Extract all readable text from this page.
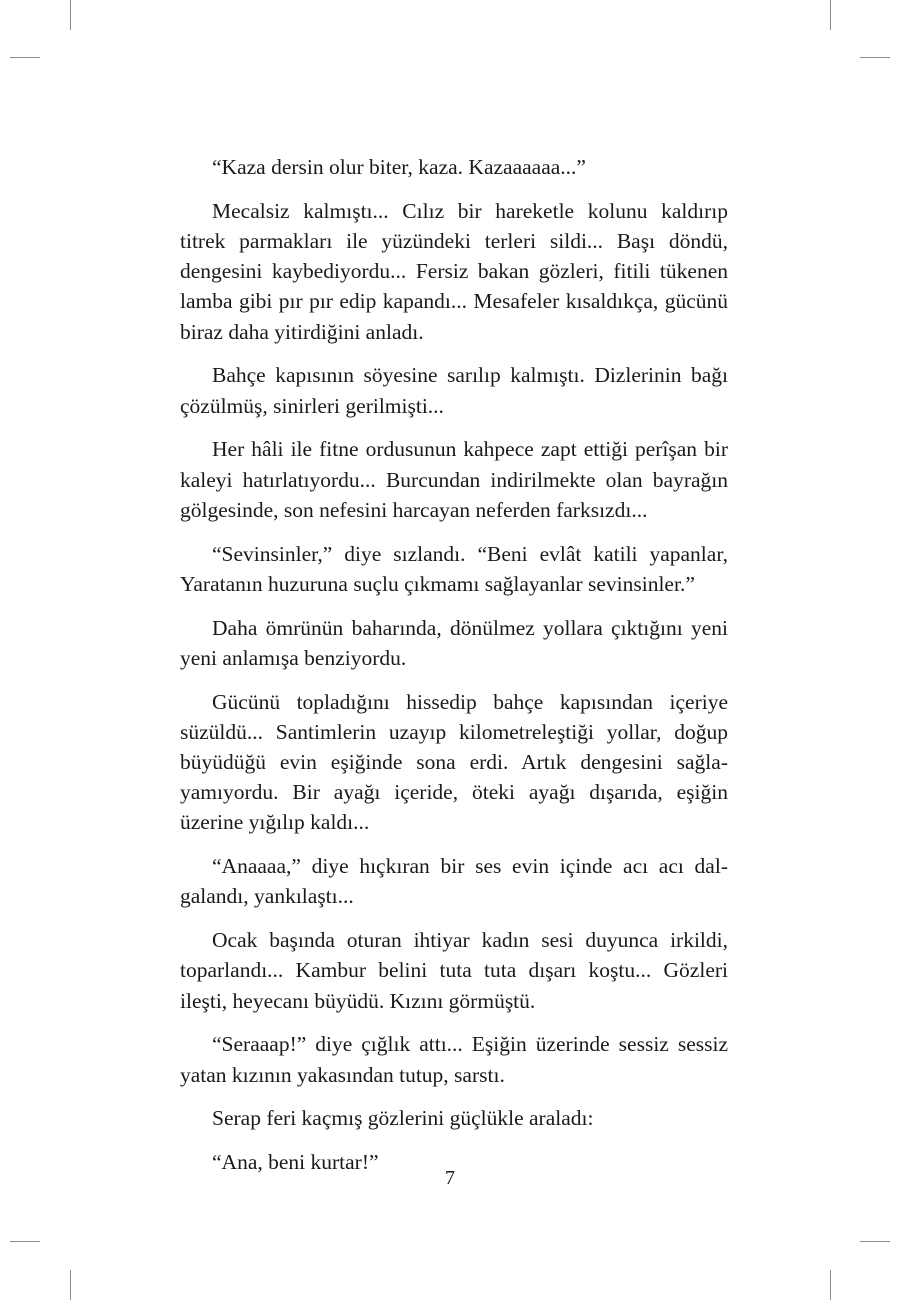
“Kaza dersin olur biter, kaza. Kazaaaaaa...”

Mecalsiz kalmıştı... Cılız bir hareketle kolunu kaldırıp titrek parmakları ile yüzündeki terleri sildi... Başı döndü, dengesini kaybediyordu... Fersiz bakan gözleri, fitili tükenen lamba gibi pır pır edip kapandı... Mesafeler kısaldıkça, gücünü biraz daha yitirdiğini anladı.

Bahçe kapısının söyesine sarılıp kalmıştı. Dizlerinin bağı çözülmüş, sinirleri gerilmişti...

Her hâli ile fitne ordusunun kahpece zapt ettiği perîşan bir kaleyi hatırlatıyordu... Burcundan indirilmekte olan bayrağın gölgesinde, son nefesini harcayan neferden farksızdı...

“Sevinsinler,” diye sızlandı. “Beni evlât katili yapanlar, Yaratanın huzuruna suçlu çıkmamı sağlayanlar sevinsinler.”

Daha ömrünün baharında, dönülmez yollara çıktığını yeni yeni anlamışa benziyordu.

Gücünü topladığını hissedip bahçe kapısından içeriye süzüldü... Santimlerin uzayıp kilometreleştiği yollar, doğup büyüdüğü evin eşiğinde sona erdi. Artık dengesini sağlayamıyordu. Bir ayağı içeride, öteki ayağı dışarıda, eşiğin üzerine yığılıp kaldı...

“Anaaaa,” diye hıçkıran bir ses evin içinde acı acı dalgalandı, yankılaştı...

Ocak başında oturan ihtiyar kadın sesi duyunca irkildi, toparlandı... Kambur belini tuta tuta dışarı koştu... Gözleri ileşti, heyecanı büyüdü. Kızını görmüştü.

“Seraaap!” diye çığlık attı... Eşiğin üzerinde sessiz sessiz yatan kızının yakasından tutup, sarstı.

Serap feri kaçmış gözlerini güçlükle araladı:

“Ana, beni kurtar!”

7
